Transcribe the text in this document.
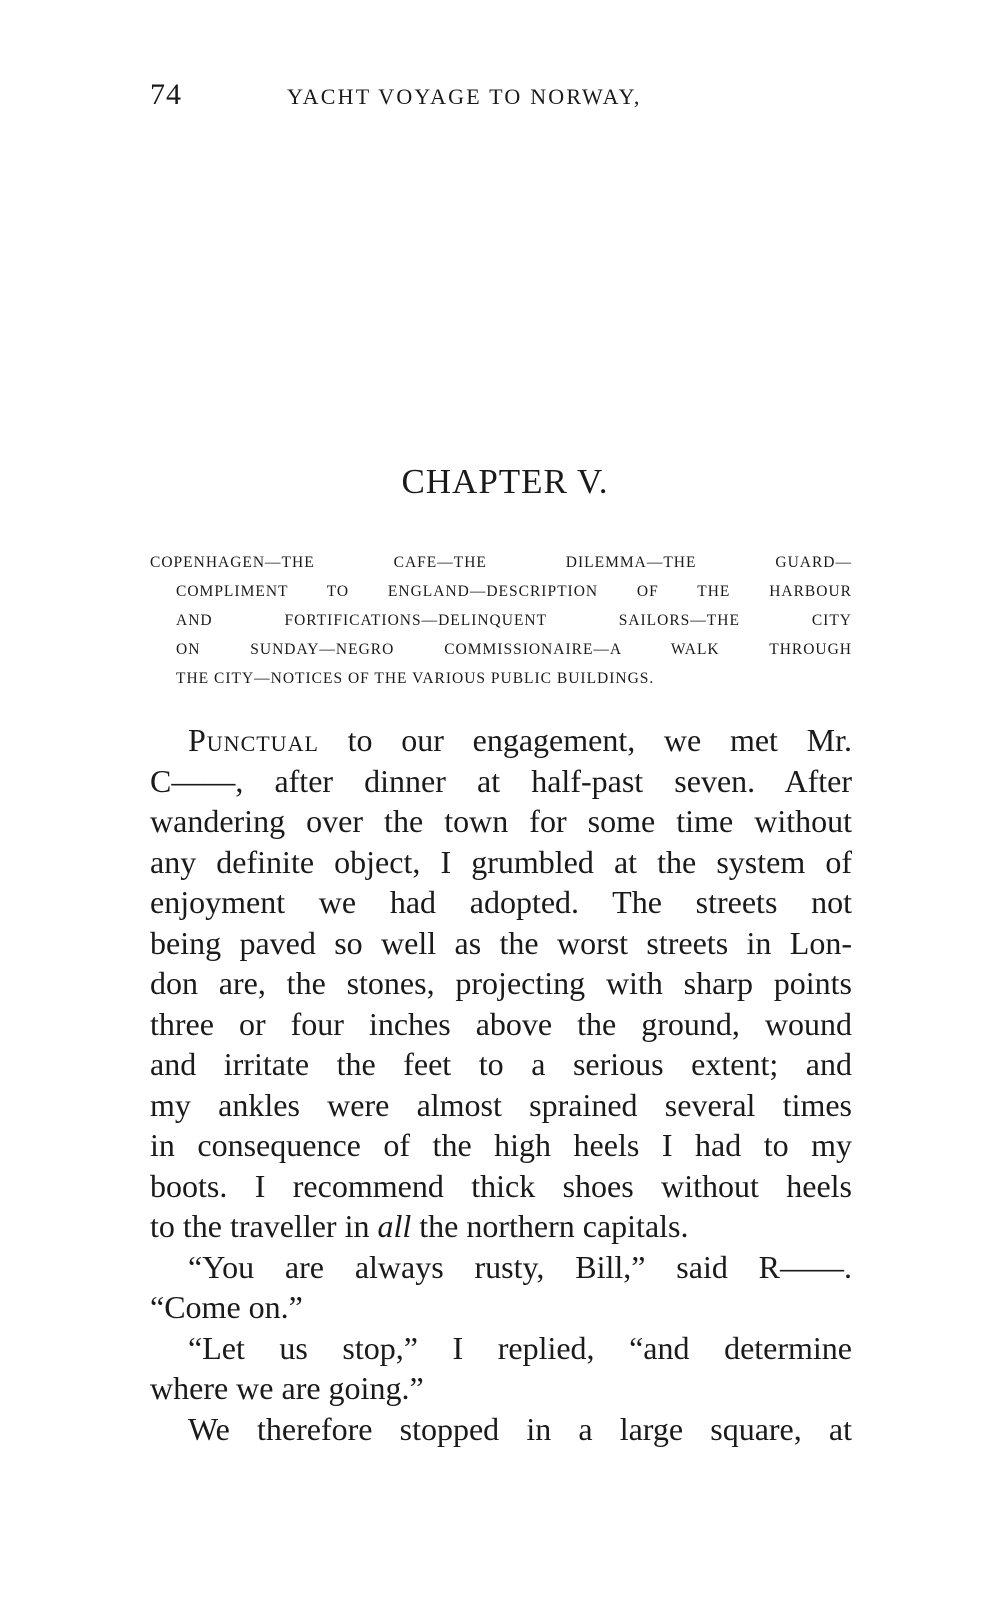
74	YACHT VOYAGE TO NORWAY,
CHAPTER V.
COPENHAGEN—THE CAFE—THE DILEMMA—THE GUARD—
COMPLIMENT TO ENGLAND—DESCRIPTION OF THE HARBOUR
AND FORTIFICATIONS—DELINQUENT SAILORS—THE CITY
ON SUNDAY—NEGRO COMMISSIONAIRE—A WALK THROUGH
THE CITY—NOTICES OF THE VARIOUS PUBLIC BUILDINGS.
Punctual to our engagement, we met Mr.
C——, after dinner at half-past seven. After
wandering over the town for some time without
any definite object, I grumbled at the system of
enjoyment we had adopted. The streets not
being paved so well as the worst streets in Lon-
don are, the stones, projecting with sharp points
three or four inches above the ground, wound
and irritate the feet to a serious extent; and
my ankles were almost sprained several times
in consequence of the high heels I had to my
boots. I recommend thick shoes without heels
to the traveller in all the northern capitals.
“You are always rusty, Bill,” said R——.
“Come on.”
“Let us stop,” I replied, “and determine
where we are going.”
We therefore stopped in a large square, at
